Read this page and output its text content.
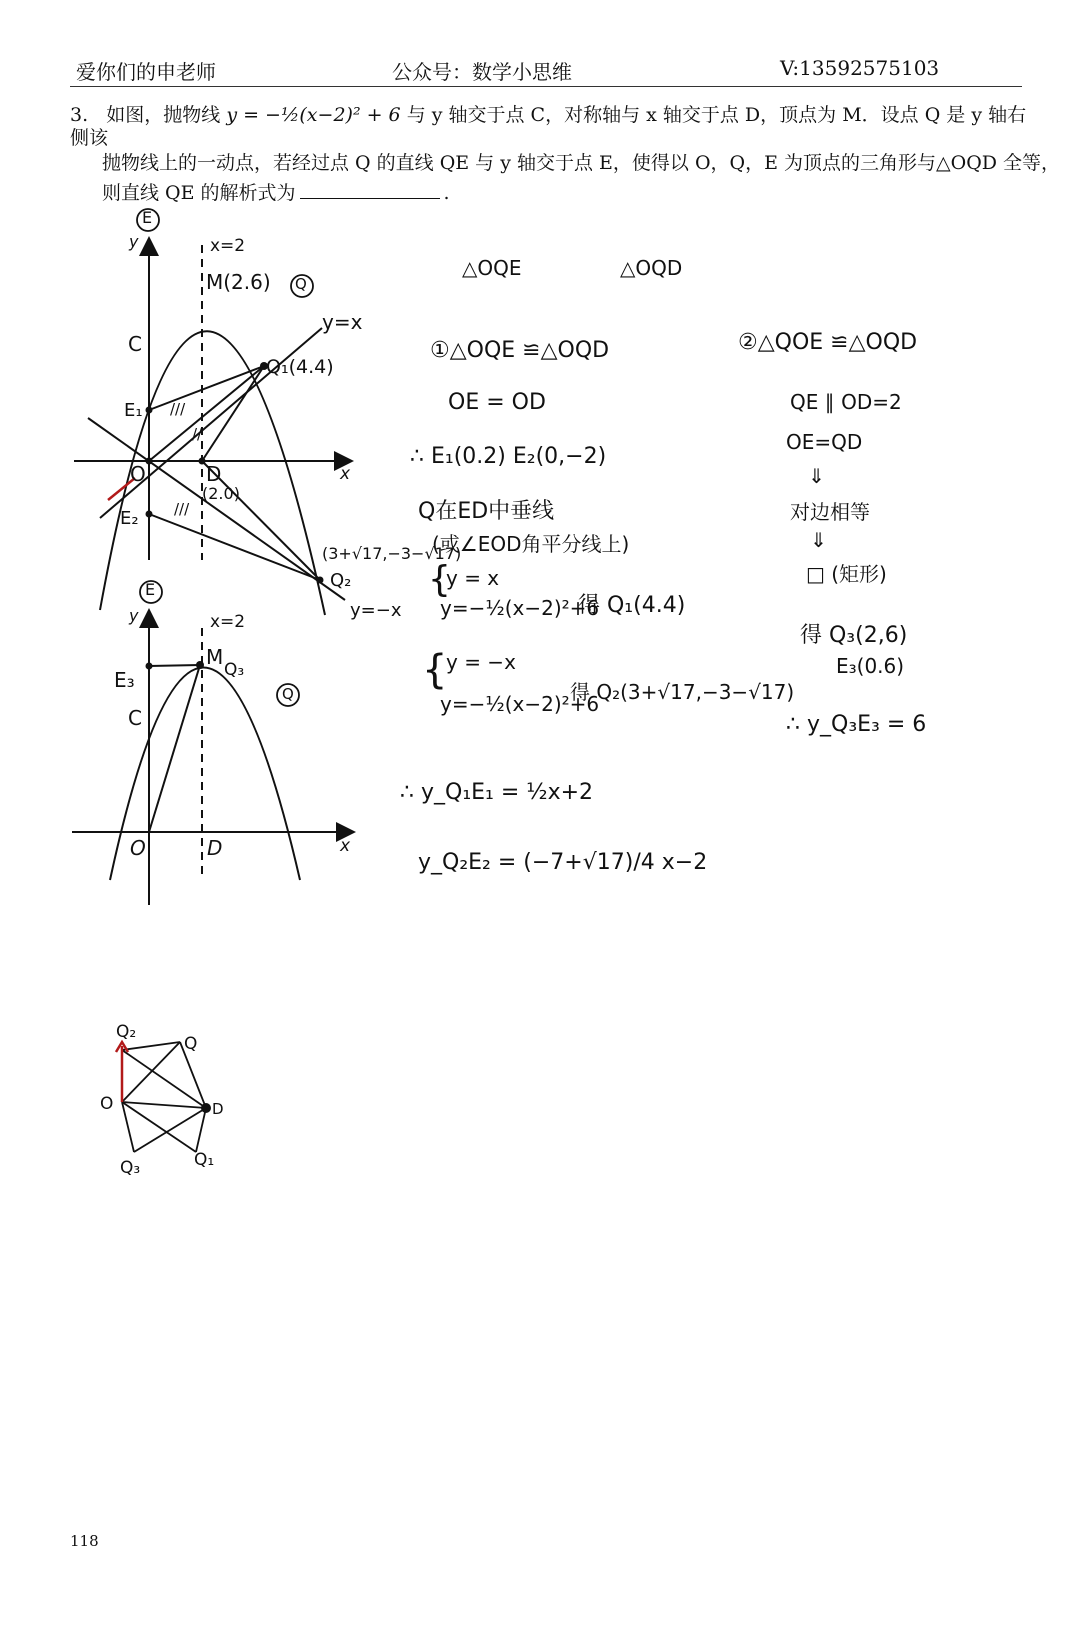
爱你们的申老师	公众号：数学小思维	V:13592575103
3. 如图，抛物线 y = −½(x−2)² + 6 与 y 轴交于点 C，对称轴与 x 轴交于点 D，顶点为 M．设点 Q 是 y 轴右侧该
抛物线上的一动点，若经过点 Q 的直线 QE 与 y 轴交于点 E，使得以 O，Q，E 为顶点的三角形与△OQD 全等，
则直线 QE 的解析式为	.
E
Q
y	x=2
M(2.6)
y=x
C
E₁ ///
//
Q₁(4.4)
O	D
(2.0)
x
E₂ ///
(3+√17,−3−√17)
Q₂
y=−x
E
Q
y	x=2
M
Q₃
E₃
C
O	D	x
△OQE	△OQD
①△OQE ≌△OQD
OE = OD
∴ E₁(0.2) E₂(0,−2)
Q在ED中垂线
(或∠EOD角平分线上)
{
y = x
y=−½(x−2)²+6
得 Q₁(4.4)
{
y = −x
y=−½(x−2)²+6
得 Q₂(3+√17,−3−√17)
∴ y_Q₁E₁ = ½x+2
y_Q₂E₂ = (−7+√17)/4 x−2
②△QOE ≌△OQD
QE ∥ OD=2
OE=QD
⇓
对边相等
⇓
□ (矩形)
得 Q₃(2,6)
E₃(0.6)
∴ y_Q₃E₃ = 6
Q₂
Q
O	D
Q₃	Q₁
118
